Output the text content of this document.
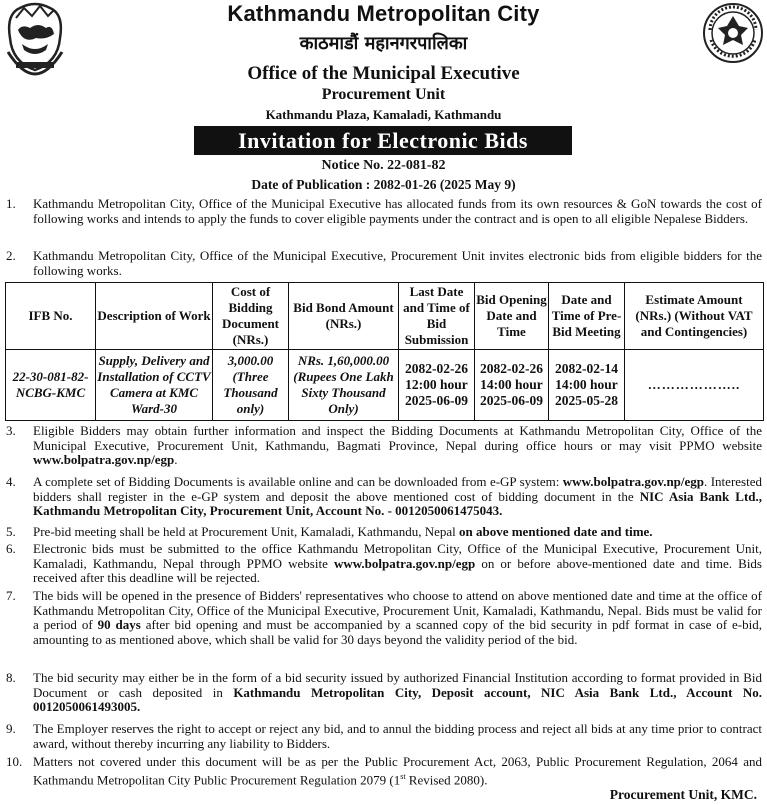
Kathmandu Metropolitan City
काठमाडौं महानगरपालिका
Office of the Municipal Executive
Procurement Unit
Kathmandu Plaza, Kamaladi, Kathmandu
Invitation for Electronic Bids
Notice No. 22-081-82
Date of Publication : 2082-01-26 (2025 May 9)
1.	Kathmandu Metropolitan City, Office of the Municipal Executive has allocated funds from its own resources & GoN towards the cost of following works and intends to apply the funds to cover eligible payments under the contract and is open to all eligible Nepalese Bidders.
2.	Kathmandu Metropolitan City, Office of the Municipal Executive, Procurement Unit invites electronic bids from eligible bidders for the following works.
IFB No.	Description of Work	Cost of Bidding Document (NRs.)	Bid Bond Amount (NRs.)	Last Date and Time of Bid Submission	Bid Opening Date and Time	Date and Time of Pre-Bid Meeting	Estimate Amount (NRs.) (Without VAT and Contingencies)
22-30-081-82-NCBG-KMC	Supply, Delivery and Installation of CCTV Camera at KMC Ward-30	3,000.00 (Three Thousand only)	NRs. 1,60,000.00 (Rupees One Lakh Sixty Thousand Only)	2082-02-26 12:00 hour 2025-06-09	2082-02-26 14:00 hour 2025-06-09	2082-02-14 14:00 hour 2025-05-28	………………..
3.	Eligible Bidders may obtain further information and inspect the Bidding Documents at Kathmandu Metropolitan City, Office of the Municipal Executive, Procurement Unit, Kathmandu, Bagmati Province, Nepal during office hours or may visit PPMO website www.bolpatra.gov.np/egp.
4.	A complete set of Bidding Documents is available online and can be downloaded from e-GP system: www.bolpatra.gov.np/egp. Interested bidders shall register in the e-GP system and deposit the above mentioned cost of bidding document in the NIC Asia Bank Ltd., Kathmandu Metropolitan City, Procurement Unit, Account No. - 0012050061475043.
5.	Pre-bid meeting shall be held at Procurement Unit, Kamaladi, Kathmandu, Nepal on above mentioned date and time.
6.	Electronic bids must be submitted to the office Kathmandu Metropolitan City, Office of the Municipal Executive, Procurement Unit, Kamaladi, Kathmandu, Nepal through PPMO website www.bolpatra.gov.np/egp on or before above-mentioned date and time. Bids received after this deadline will be rejected.
7.	The bids will be opened in the presence of Bidders' representatives who choose to attend on above mentioned date and time at the office of Kathmandu Metropolitan City, Office of the Municipal Executive, Procurement Unit, Kamaladi, Kathmandu, Nepal. Bids must be valid for a period of 90 days after bid opening and must be accompanied by a scanned copy of the bid security in pdf format in case of e-bid, amounting to as mentioned above, which shall be valid for 30 days beyond the validity period of the bid.
8.	The bid security may either be in the form of a bid security issued by authorized Financial Institution according to format provided in Bid Document or cash deposited in Kathmandu Metropolitan City, Deposit account, NIC Asia Bank Ltd., Account No. 0012050061493005.
9.	The Employer reserves the right to accept or reject any bid, and to annul the bidding process and reject all bids at any time prior to contract award, without thereby incurring any liability to Bidders.
10. Matters not covered under this document will be as per the Public Procurement Act, 2063, Public Procurement Regulation, 2064 and Kathmandu Metropolitan City Public Procurement Regulation 2079 (1st Revised 2080).
Procurement Unit, KMC.
